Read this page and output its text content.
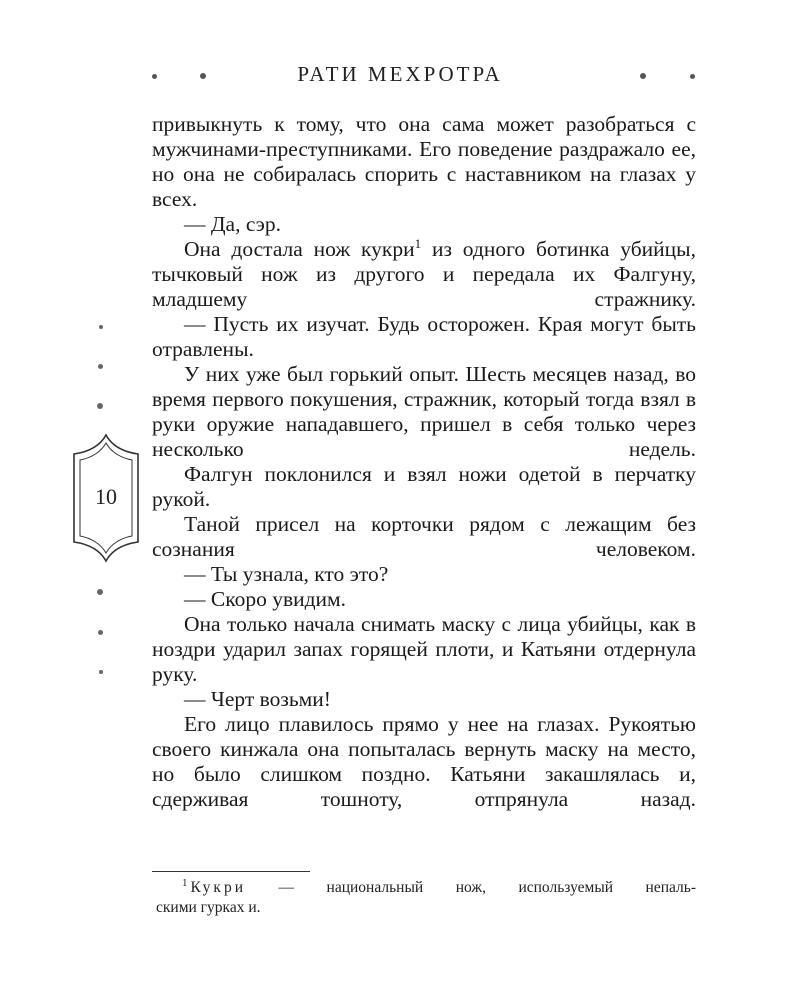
РАТИ МЕХРОТРА

привыкнуть к тому, что она сама может разобраться с мужчинами-преступниками. Его поведение раздражало ее, но она не собиралась спорить с наставником на глазах у всех.

— Да, сэр.

Она достала нож кукри$^1$ из одного ботинка убийцы, тычковый нож из другого и передала их Фалгуну, младшему стражнику.

— Пусть их изучат. Будь осторожен. Края могут быть отравлены.

У них уже был горький опыт. Шесть месяцев назад, во время первого покушения, стражник, который тогда взял в руки оружие нападавшего, пришел в себя только через несколько недель.

Фалгун поклонился и взял ножи одетой в перчатку рукой.

Таной присел на корточки рядом с лежащим без сознания человеком.

— Ты узнала, кто это?

— Скоро увидим.

Она только начала снимать маску с лица убийцы, как в ноздри ударил запах горящей плоти, и Катьяни отдернула руку.

— Черт возьми!

Его лицо плавилось прямо у нее на глазах. Рукоятью своего кинжала она попыталась вернуть маску на место, но было слишком поздно. Катьяни закашлялась и, сдерживая тошноту, отпрянула назад.

10

$^1$ Кукри — национальный нож, используемый непаль-

скими гурках и.
